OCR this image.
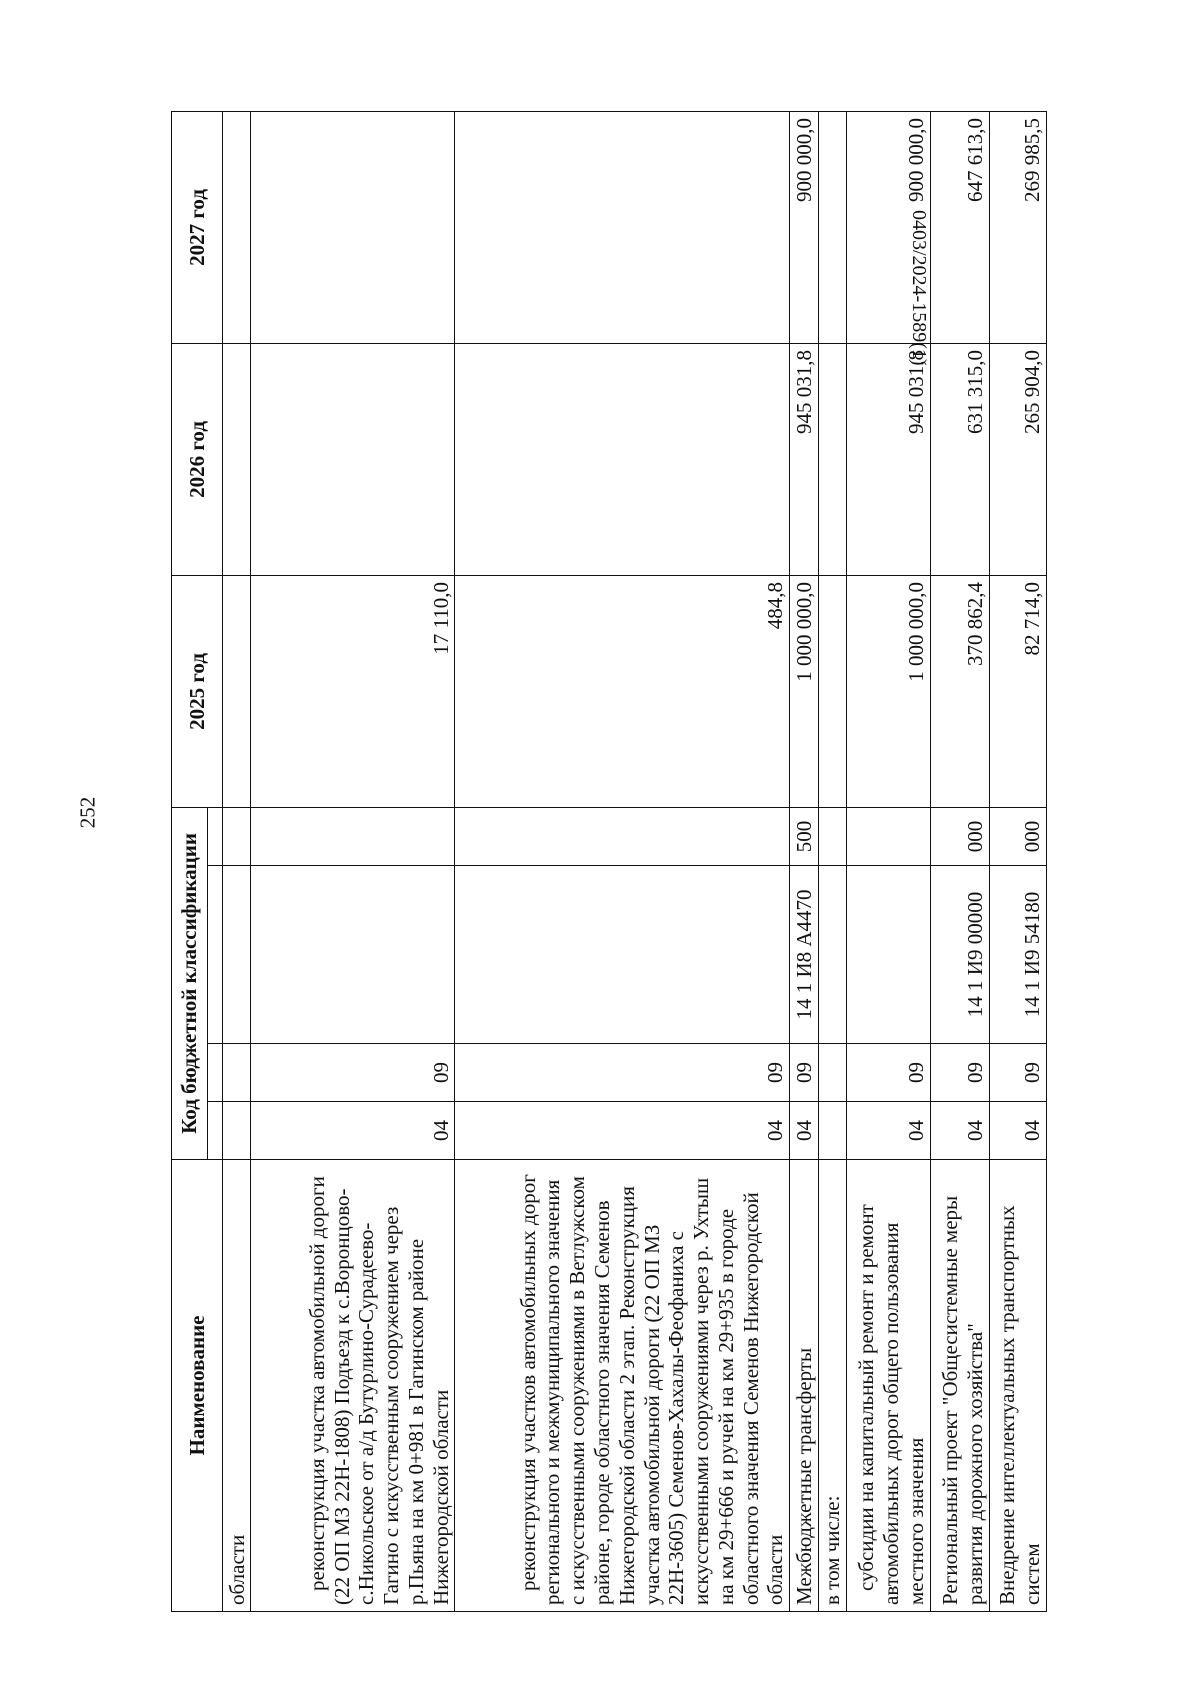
252
0403/2024-1589(1)
Наименование	Код бюджетной классификации				2025 год	2026 год	2027 год

области							
реконструкция участка автомобильной дороги (22 ОП МЗ 22Н-1808) Подъезд к с.Воронцово-с.Никольское от а/д Бутурлино-Сурадеево-Гагино с искусственным сооружением через р.Пьяна на км 0+981 в Гагинском районе Нижегородской области	04	09			17 110,0		
реконструкция участков автомобильных дорог регионального и межмуниципального значения с искусственными сооружениями в Ветлужском районе, городе областного значения Семенов Нижегородской области 2 этап. Реконструкция участка автомобильной дороги (22 ОП МЗ 22Н-3605) Семенов-Хахалы-Феофаниха с искусственными сооружениями через р. Ухтыш на км 29+666 и ручей на км 29+935 в городе областного значения Семенов Нижегородской области	04	09			484,8		
Межбюджетные трансферты	04	09	14 1 И8 А4470	500	1 000 000,0	945 031,8	900 000,0
в том числе:							
субсидии на капитальный ремонт и ремонт автомобильных дорог общего пользования местного значения	04	09			1 000 000,0	945 031,8	900 000,0
Региональный проект "Общесистемные меры развития дорожного хозяйства"	04	09	14 1 И9 00000	000	370 862,4	631 315,0	647 613,0
Внедрение интеллектуальных транспортных систем	04	09	14 1 И9 54180	000	82 714,0	265 904,0	269 985,5
